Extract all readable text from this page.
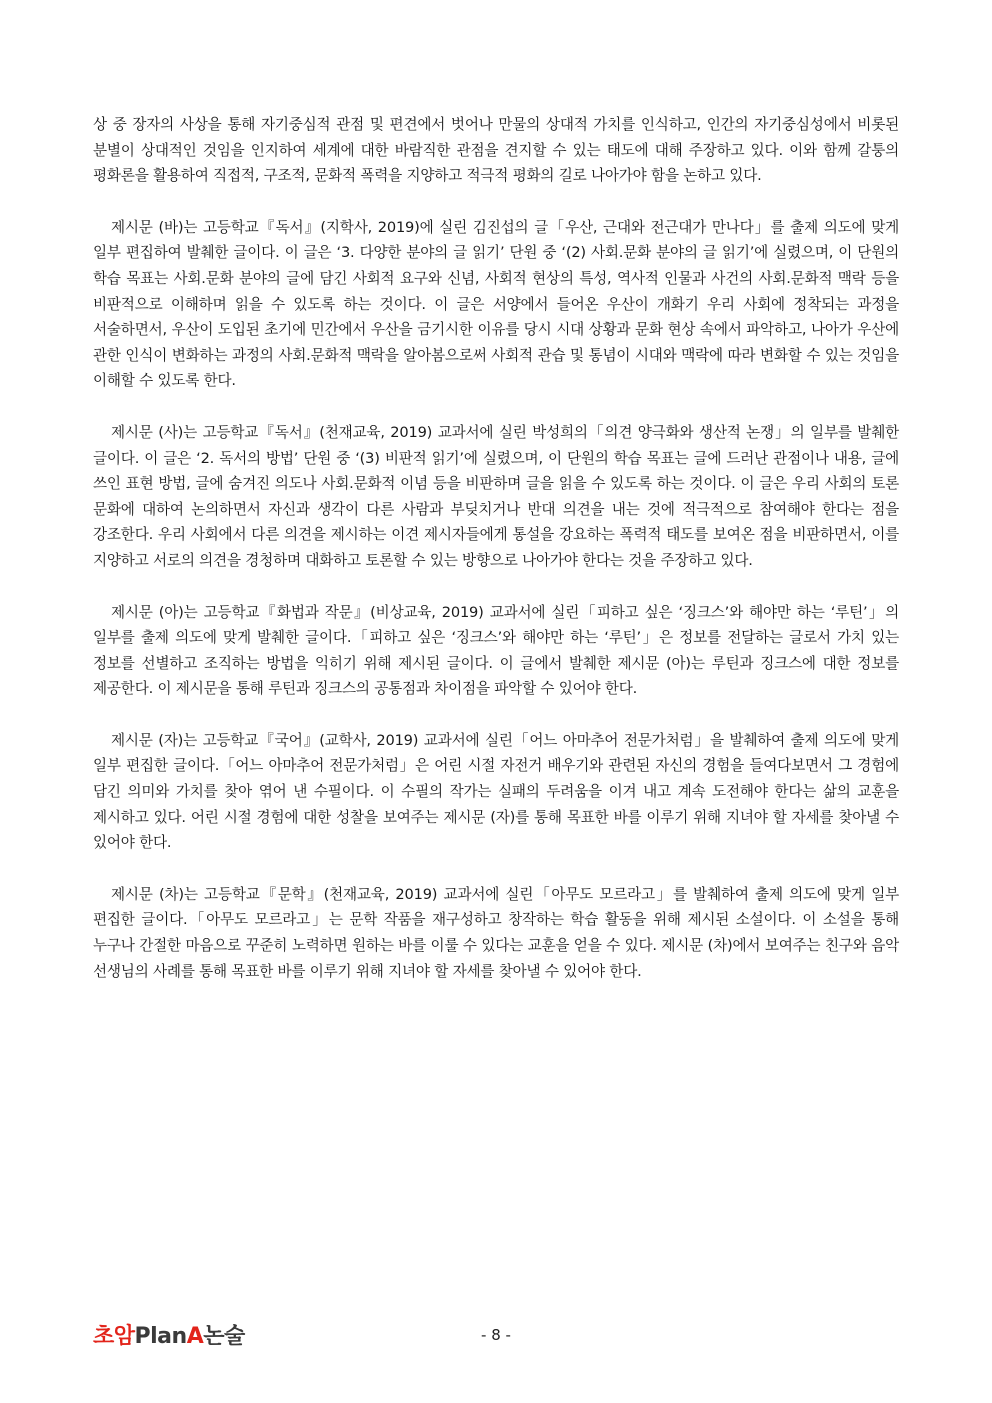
상 중 장자의 사상을 통해 자기중심적 관점 및 편견에서 벗어나 만물의 상대적 가치를 인식하고, 인간의 자기중심성에서 비롯된 분별이 상대적인 것임을 인지하여 세계에 대한 바람직한 관점을 견지할 수 있는 태도에 대해 주장하고 있다. 이와 함께 갈퉁의 평화론을 활용하여 직접적, 구조적, 문화적 폭력을 지양하고 적극적 평화의 길로 나아가야 함을 논하고 있다.

제시문 (바)는 고등학교『독서』(지학사, 2019)에 실린 김진섭의 글「우산, 근대와 전근대가 만나다」를 출제 의도에 맞게 일부 편집하여 발췌한 글이다. 이 글은 ‘3. 다양한 분야의 글 읽기’ 단원 중 ‘(2) 사회.문화 분야의 글 읽기’에 실렸으며, 이 단원의 학습 목표는 사회.문화 분야의 글에 담긴 사회적 요구와 신념, 사회적 현상의 특성, 역사적 인물과 사건의 사회.문화적 맥락 등을 비판적으로 이해하며 읽을 수 있도록 하는 것이다. 이 글은 서양에서 들어온 우산이 개화기 우리 사회에 정착되는 과정을 서술하면서, 우산이 도입된 초기에 민간에서 우산을 금기시한 이유를 당시 시대 상황과 문화 현상 속에서 파악하고, 나아가 우산에 관한 인식이 변화하는 과정의 사회.문화적 맥락을 알아봄으로써 사회적 관습 및 통념이 시대와 맥락에 따라 변화할 수 있는 것임을 이해할 수 있도록 한다.

제시문 (사)는 고등학교『독서』(천재교육, 2019) 교과서에 실린 박성희의「의견 양극화와 생산적 논쟁」의 일부를 발췌한 글이다. 이 글은 ‘2. 독서의 방법’ 단원 중 ‘(3) 비판적 읽기’에 실렸으며, 이 단원의 학습 목표는 글에 드러난 관점이나 내용, 글에 쓰인 표현 방법, 글에 숨겨진 의도나 사회.문화적 이념 등을 비판하며 글을 읽을 수 있도록 하는 것이다. 이 글은 우리 사회의 토론 문화에 대하여 논의하면서 자신과 생각이 다른 사람과 부딪치거나 반대 의견을 내는 것에 적극적으로 참여해야 한다는 점을 강조한다. 우리 사회에서 다른 의견을 제시하는 이견 제시자들에게 통설을 강요하는 폭력적 태도를 보여온 점을 비판하면서, 이를 지양하고 서로의 의견을 경청하며 대화하고 토론할 수 있는 방향으로 나아가야 한다는 것을 주장하고 있다.

제시문 (아)는 고등학교『화법과 작문』(비상교육, 2019) 교과서에 실린「피하고 싶은 ‘징크스’와 해야만 하는 ‘루틴’」의 일부를 출제 의도에 맞게 발췌한 글이다.「피하고 싶은 ‘징크스’와 해야만 하는 ‘루틴’」은 정보를 전달하는 글로서 가치 있는 정보를 선별하고 조직하는 방법을 익히기 위해 제시된 글이다. 이 글에서 발췌한 제시문 (아)는 루틴과 징크스에 대한 정보를 제공한다. 이 제시문을 통해 루틴과 징크스의 공통점과 차이점을 파악할 수 있어야 한다.

제시문 (자)는 고등학교『국어』(교학사, 2019) 교과서에 실린「어느 아마추어 전문가처럼」을 발췌하여 출제 의도에 맞게 일부 편집한 글이다.「어느 아마추어 전문가처럼」은 어린 시절 자전거 배우기와 관련된 자신의 경험을 들여다보면서 그 경험에 담긴 의미와 가치를 찾아 엮어 낸 수필이다. 이 수필의 작가는 실패의 두려움을 이겨 내고 계속 도전해야 한다는 삶의 교훈을 제시하고 있다. 어린 시절 경험에 대한 성찰을 보여주는 제시문 (자)를 통해 목표한 바를 이루기 위해 지녀야 할 자세를 찾아낼 수 있어야 한다.

제시문 (차)는 고등학교『문학』(천재교육, 2019) 교과서에 실린「아무도 모르라고」를 발췌하여 출제 의도에 맞게 일부 편집한 글이다.「아무도 모르라고」는 문학 작품을 재구성하고 창작하는 학습 활동을 위해 제시된 소설이다. 이 소설을 통해 누구나 간절한 마음으로 꾸준히 노력하면 원하는 바를 이룰 수 있다는 교훈을 얻을 수 있다. 제시문 (차)에서 보여주는 친구와 음악 선생님의 사례를 통해 목표한 바를 이루기 위해 지녀야 할 자세를 찾아낼 수 있어야 한다.

초암PlanA논술	- 8 -
